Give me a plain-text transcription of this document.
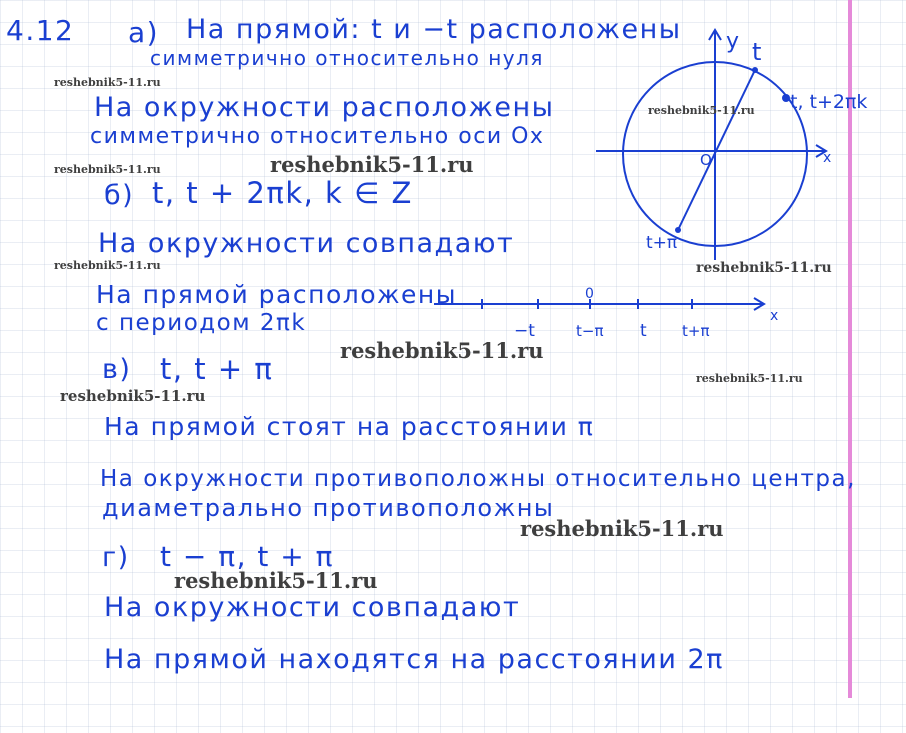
4.12 а) На прямой: t и −t расположены
симметрично относительно нуля
На окружности расположены
симметрично относительно оси Ox
б) t, t + 2πk, k ∈ Z
На окружности совпадают
На прямой расположены
с периодом 2πk
в) t, t + π
На прямой стоят на расстоянии π
На окружности противоположны относительно центра,
диаметрально противоположны
г) t − π, t + π
На окружности совпадают
На прямой находятся на расстоянии 2π
y
x
O
t
t, t+2πk
t+π
x
0
−t	t−π t t+π
reshebnik5-11.ru
reshebnik5-11.ru
reshebnik5-11.ru
reshebnik5-11.ru
reshebnik5-11.ru	reshebnik5-11.ru
reshebnik5-11.ru
reshebnik5-11.ru
reshebnik5-11.ru
reshebnik5-11.ru
reshebnik5-11.ru
